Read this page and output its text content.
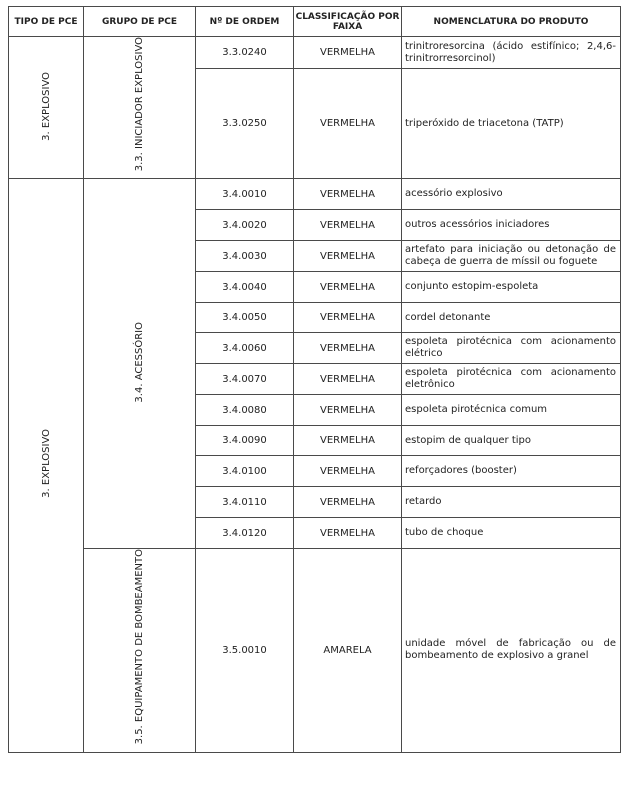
TIPO DE PCE	GRUPO DE PCE	Nº DE ORDEM	CLASSIFICAÇÃO POR FAIXA	NOMENCLATURA DO PRODUTO
3. EXPLOSIVO	3.3. INICIADOR EXPLOSIVO	3.3.0240	VERMELHA	trinitroresorcina (ácido estifínico; 2,4,6-trinitrorresorcinol)
		3.3.0250	VERMELHA	triperóxido de triacetona (TATP)
3. EXPLOSIVO	3.4. ACESSÓRIO	3.4.0010	VERMELHA	acessório explosivo
		3.4.0020	VERMELHA	outros acessórios iniciadores
		3.4.0030	VERMELHA	artefato para iniciação ou detonação de cabeça de guerra de míssil ou foguete
		3.4.0040	VERMELHA	conjunto estopim-espoleta
		3.4.0050	VERMELHA	cordel detonante
		3.4.0060	VERMELHA	espoleta pirotécnica com acionamento elétrico
		3.4.0070	VERMELHA	espoleta pirotécnica com acionamento eletrônico
		3.4.0080	VERMELHA	espoleta pirotécnica comum
		3.4.0090	VERMELHA	estopim de qualquer tipo
		3.4.0100	VERMELHA	reforçadores (booster)
		3.4.0110	VERMELHA	retardo
		3.4.0120	VERMELHA	tubo de choque
	3.5. EQUIPAMENTO DE BOMBEAMENTO	3.5.0010	AMARELA	unidade móvel de fabricação ou de bombeamento de explosivo a granel
